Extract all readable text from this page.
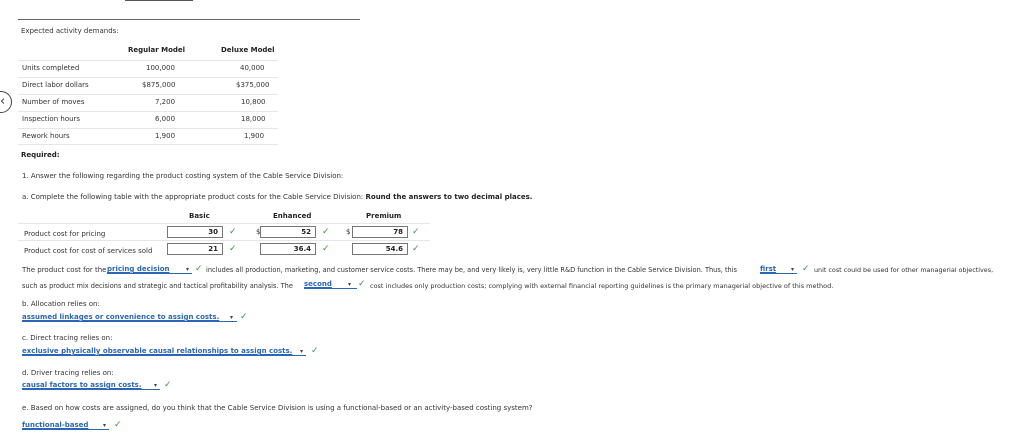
Expected activity demands:
Regular Model	Deluxe Model
Units completed	100,000	40,000
Direct labor dollars	$875,000	$375,000
Number of moves	7,200	10,800
Inspection hours	6,000	18,000
Rework hours	1,900	1,900
‹
Required:
1. Answer the following regarding the product costing system of the Cable Service Division:
a. Complete the following table with the appropriate product costs for the Cable Service Division: Round the answers to two decimal places.
Basic	Enhanced	Premium
Product cost for pricing	30	✓	$	52	✓ $	78	✓
Product cost for cost of services sold	21	✓	36.4	✓	54.6	✓
The product cost for the pricing decision	▾ ✓ includes all production, marketing, and customer service costs. There may be, and very likely is, very little R&D function in the Cable Service Division. Thus, this	first ▾ ✓ unit cost could be used for other managerial objectives,
such as product mix decisions and strategic and tactical profitability analysis. The second	▾ ✓ cost includes only production costs; complying with external financial reporting guidelines is the primary managerial objective of this method.
b. Allocation relies on:
assumed linkages or convenience to assign costs. ▾ ✓
c. Direct tracing relies on:
exclusive physically observable causal relationships to assign costs. ▾ ✓
d. Driver tracing relies on:
causal factors to assign costs. ▾ ✓
e. Based on how costs are assigned, do you think that the Cable Service Division is using a functional-based or an activity-based costing system?
functional-based ▾ ✓
